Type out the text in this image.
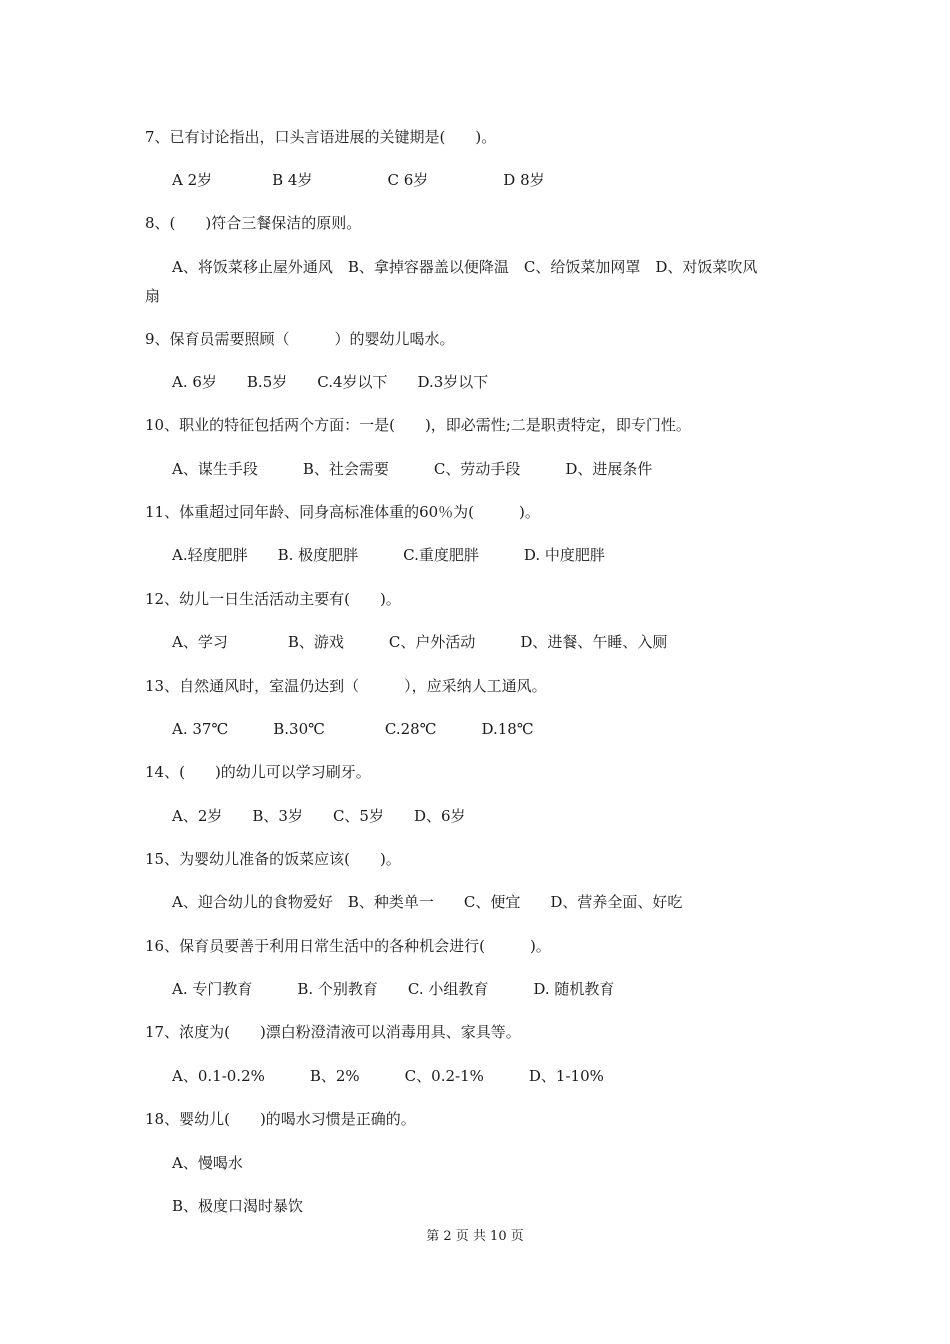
7、已有讨论指出，口头言语进展的关键期是(　　)。
A 2岁　　　　B 4岁　　　　　C 6岁　　　　　D 8岁
8、(　　)符合三餐保洁的原则。
A、将饭菜移止屋外通风　B、拿掉容器盖以便降温　C、给饭菜加网罩　D、对饭菜吹风
扇
9、保育员需要照顾（　　　）的婴幼儿喝水。
A. 6岁　　B.5岁　　C.4岁以下　　D.3岁以下
10、职业的特征包括两个方面：一是(　　)，即必需性;二是职责特定，即专门性。
A、谋生手段　　　B、社会需要　　　C、劳动手段　　　D、进展条件
11、体重超过同年龄、同身高标准体重的60％为(　　　)。
A.轻度肥胖　　B. 极度肥胖　　　C.重度肥胖　　　D. 中度肥胖
12、幼儿一日生活活动主要有(　　)。
A、学习　　　　B、游戏　　　C、户外活动　　　D、进餐、午睡、入厕
13、自然通风时，室温仍达到（　　　），应采纳人工通风。
A. 37℃　　　B.30℃　　　　C.28℃　　　D.18℃
14、(　　)的幼儿可以学习刷牙。
A、2岁　　B、3岁　　C、5岁　　D、6岁
15、为婴幼儿准备的饭菜应该(　　)。
A、迎合幼儿的食物爱好　B、种类单一　　C、便宜　　D、营养全面、好吃
16、保育员要善于利用日常生活中的各种机会进行(　　　)。
A. 专门教育　　　B. 个别教育　　C. 小组教育　　　D. 随机教育
17、浓度为(　　)漂白粉澄清液可以消毒用具、家具等。
A、0.1-0.2%　　　B、2%　　　C、0.2-1%　　　D、1-10%
18、婴幼儿(　　)的喝水习惯是正确的。
A、慢喝水
B、极度口渴时暴饮
第 2 页 共 10 页
